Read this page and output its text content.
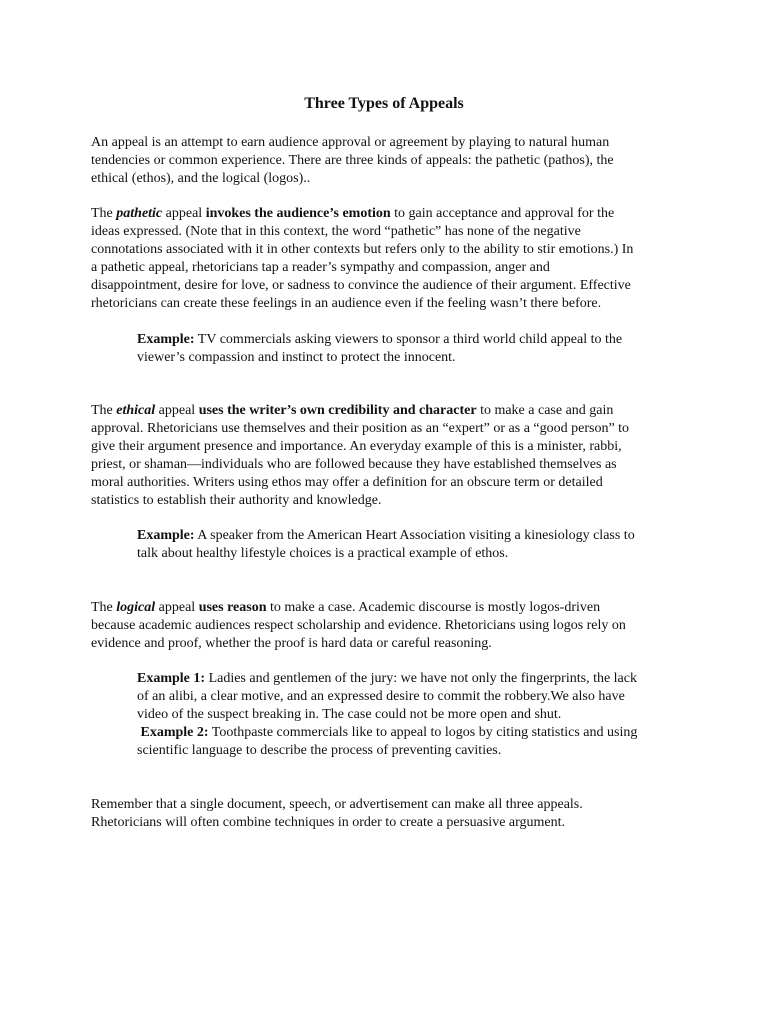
Three Types of Appeals

An appeal is an attempt to earn audience approval or agreement by playing to natural human
tendencies or common experience. There are three kinds of appeals: the pathetic (pathos), the
ethical (ethos), and the logical (logos)..

The pathetic appeal invokes the audience’s emotion to gain acceptance and approval for the
ideas expressed. (Note that in this context, the word “pathetic” has none of the negative
connotations associated with it in other contexts but refers only to the ability to stir emotions.) In
a pathetic appeal, rhetoricians tap a reader’s sympathy and compassion, anger and
disappointment, desire for love, or sadness to convince the audience of their argument. Effective
rhetoricians can create these feelings in an audience even if the feeling wasn’t there before.

Example: TV commercials asking viewers to sponsor a third world child appeal to the
viewer’s compassion and instinct to protect the innocent.

The ethical appeal uses the writer’s own credibility and character to make a case and gain
approval. Rhetoricians use themselves and their position as an “expert” or as a “good person” to
give their argument presence and importance. An everyday example of this is a minister, rabbi,
priest, or shaman—individuals who are followed because they have established themselves as
moral authorities. Writers using ethos may offer a definition for an obscure term or detailed
statistics to establish their authority and knowledge.

Example: A speaker from the American Heart Association visiting a kinesiology class to
talk about healthy lifestyle choices is a practical example of ethos.

The logical appeal uses reason to make a case. Academic discourse is mostly logos-driven
because academic audiences respect scholarship and evidence. Rhetoricians using logos rely on
evidence and proof, whether the proof is hard data or careful reasoning.

Example 1: Ladies and gentlemen of the jury: we have not only the fingerprints, the lack
of an alibi, a clear motive, and an expressed desire to commit the robbery.We also have
video of the suspect breaking in. The case could not be more open and shut.
Example 2: Toothpaste commercials like to appeal to logos by citing statistics and using
scientific language to describe the process of preventing cavities.

Remember that a single document, speech, or advertisement can make all three appeals.
Rhetoricians will often combine techniques in order to create a persuasive argument.
